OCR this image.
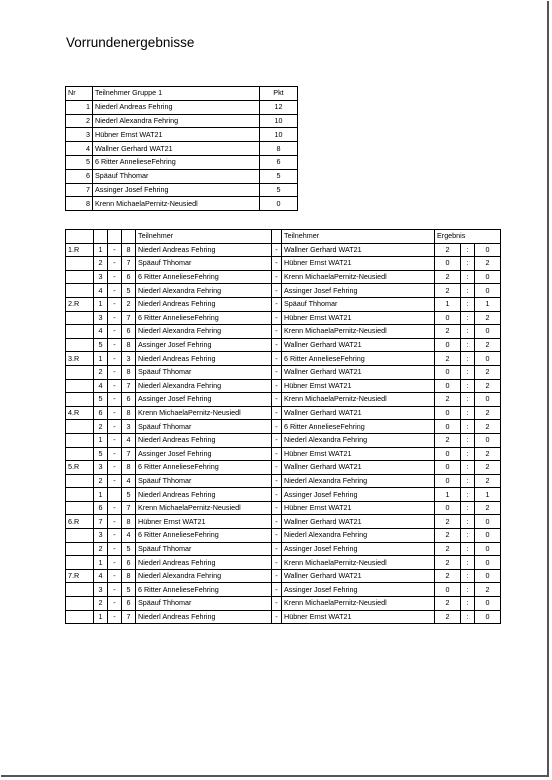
Vorrundenergebnisse
Nr	Teilnehmer Gruppe 1	Pkt
1	Niederl Andreas Fehring	12
2	Niederl Alexandra Fehring	10
3	Hübner Ernst WAT21	10
4	Wallner Gerhard WAT21	8
5	6 Ritter AnnelieseFehring	6
6	Späauf Thhomar	5
7	Assinger Josef Fehring	5
8	Krenn MichaelaPernitz-Neusiedl	0
				Teilnehmer		Teilnehmer	Ergebnis		
1.R	1	-	8	Niederl Andreas Fehring	-	Wallner Gerhard WAT21	2	:	0
	2	-	7	Späauf Thhomar	-	Hübner Ernst WAT21	0	:	2
	3	-	6	6 Ritter AnnelieseFehring	-	Krenn MichaelaPernitz-Neusiedl	2	:	0
	4	-	5	Niederl Alexandra Fehring	-	Assinger Josef Fehring	2	:	0
2.R	1	-	2	Niederl Andreas Fehring	-	Späauf Thhomar	1	:	1
	3	-	7	6 Ritter AnnelieseFehring	-	Hübner Ernst WAT21	0	:	2
	4	-	6	Niederl Alexandra Fehring	-	Krenn MichaelaPernitz-Neusiedl	2	:	0
	5	-	8	Assinger Josef Fehring	-	Wallner Gerhard WAT21	0	:	2
3.R	1	-	3	Niederl Andreas Fehring	-	6 Ritter AnnelieseFehring	2	:	0
	2	-	8	Späauf Thhomar	-	Wallner Gerhard WAT21	0	:	2
	4	-	7	Niederl Alexandra Fehring	-	Hübner Ernst WAT21	0	:	2
	5	-	6	Assinger Josef Fehring	-	Krenn MichaelaPernitz-Neusiedl	2	:	0
4.R	6	-	8	Krenn MichaelaPernitz-Neusiedl	-	Wallner Gerhard WAT21	0	:	2
	2	-	3	Späauf Thhomar	-	6 Ritter AnnelieseFehring	0	:	2
	1	-	4	Niederl Andreas Fehring	-	Niederl Alexandra Fehring	2	:	0
	5	-	7	Assinger Josef Fehring	-	Hübner Ernst WAT21	0	:	2
5.R	3	-	8	6 Ritter AnnelieseFehring	-	Wallner Gerhard WAT21	0	:	2
	2	-	4	Späauf Thhomar	-	Niederl Alexandra Fehring	0	:	2
	1		5	Niederl Andreas Fehring	-	Assinger Josef Fehring	1	:	1
	6	-	7	Krenn MichaelaPernitz-Neusiedl	-	Hübner Ernst WAT21	0	:	2
6.R	7	-	8	Hübner Ernst WAT21	-	Wallner Gerhard WAT21	2	:	0
	3	-	4	6 Ritter AnnelieseFehring	-	Niederl Alexandra Fehring	2	:	0
	2	-	5	Späauf Thhomar	-	Assinger Josef Fehring	2	:	0
	1	-	6	Niederl Andreas Fehring	-	Krenn MichaelaPernitz-Neusiedl	2	:	0
7.R	4	-	8	Niederl Alexandra Fehring	-	Wallner Gerhard WAT21	2	:	0
	3	-	5	6 Ritter AnnelieseFehring	-	Assinger Josef Fehring	0	:	2
	2	-	6	Späauf Thhomar	-	Krenn MichaelaPernitz-Neusiedl	2	:	0
	1	-	7	Niederl Andreas Fehring	-	Hübner Ernst WAT21	2	:	0
